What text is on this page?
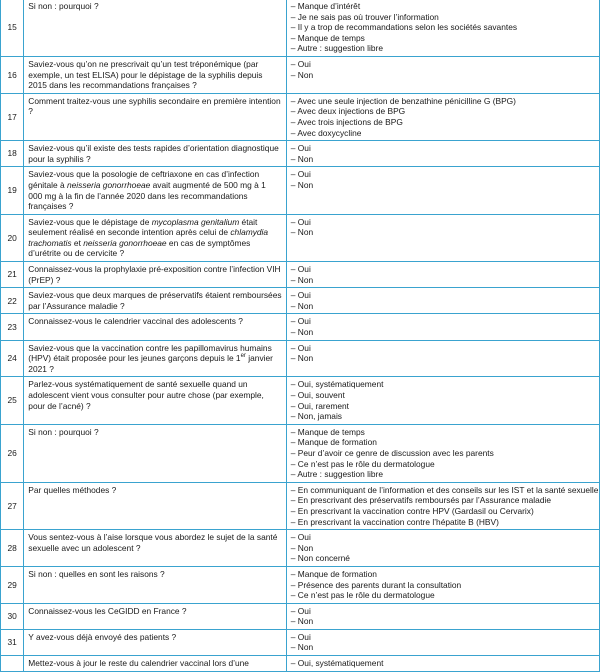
15	Si non : pourquoi ?	– Manque d’intérêt
– Je ne sais pas où trouver l’information
– Il y a trop de recommandations selon les sociétés savantes
– Manque de temps
– Autre : suggestion libre

16	Saviez-vous qu’on ne prescrivait qu’un test tréponémique (par exemple, un test ELISA) pour le dépistage de la syphilis depuis 2015 dans les recommandations françaises ?	– Oui
– Non

17	Comment traitez-vous une syphilis secondaire en première intention ?	– Avec une seule injection de benzathine pénicilline G (BPG)
– Avec deux injections de BPG
– Avec trois injections de BPG
– Avec doxycycline

18	Saviez-vous qu’il existe des tests rapides d’orientation diagnostique pour la syphilis ?	– Oui
– Non

19	Saviez-vous que la posologie de ceftriaxone en cas d’infection génitale à neisseria gonorrhoeae avait augmenté de 500 mg à 1 000 mg à la fin de l’année 2020 dans les recommandations françaises ?	– Oui
– Non

20	Saviez-vous que le dépistage de mycoplasma genitalium était seulement réalisé en seconde intention après celui de chlamydia trachomatis et neisseria gonorrhoeae en cas de symptômes d’urétrite ou de cervicite ?	– Oui
– Non

21	Connaissez-vous la prophylaxie pré-exposition contre l’infection VIH (PrEP) ?	– Oui
– Non

22	Saviez-vous que deux marques de préservatifs étaient remboursées par l’Assurance maladie ?	– Oui
– Non

23	Connaissez-vous le calendrier vaccinal des adolescents ?	– Oui
– Non

24	Saviez-vous que la vaccination contre les papillomavirus humains (HPV) était proposée pour les jeunes garçons depuis le 1er janvier 2021 ?	– Oui
– Non

25	Parlez-vous systématiquement de santé sexuelle quand un adolescent vient vous consulter pour autre chose (par exemple, pour de l’acné) ?	– Oui, systématiquement
– Oui, souvent
– Oui, rarement
– Non, jamais

26	Si non : pourquoi ?	– Manque de temps
– Manque de formation
– Peur d’avoir ce genre de discussion avec les parents
– Ce n’est pas le rôle du dermatologue
– Autre : suggestion libre

27	Par quelles méthodes ?	– En communiquant de l’information et des conseils sur les IST et la santé sexuelle
– En prescrivant des préservatifs remboursés par l’Assurance maladie
– En prescrivant la vaccination contre HPV (Gardasil ou Cervarix)
– En prescrivant la vaccination contre l’hépatite B (HBV)

28	Vous sentez-vous à l’aise lorsque vous abordez le sujet de la santé sexuelle avec un adolescent ?	– Oui
– Non
– Non concerné

29	Si non : quelles en sont les raisons ?	– Manque de formation
– Présence des parents durant la consultation
– Ce n’est pas le rôle du dermatologue

30	Connaissez-vous les CeGIDD en France ?	– Oui
– Non

31	Y avez-vous déjà envoyé des patients ?	– Oui
– Non

	Mettez-vous à jour le reste du calendrier vaccinal lors d’une	– Oui, systématiquement
